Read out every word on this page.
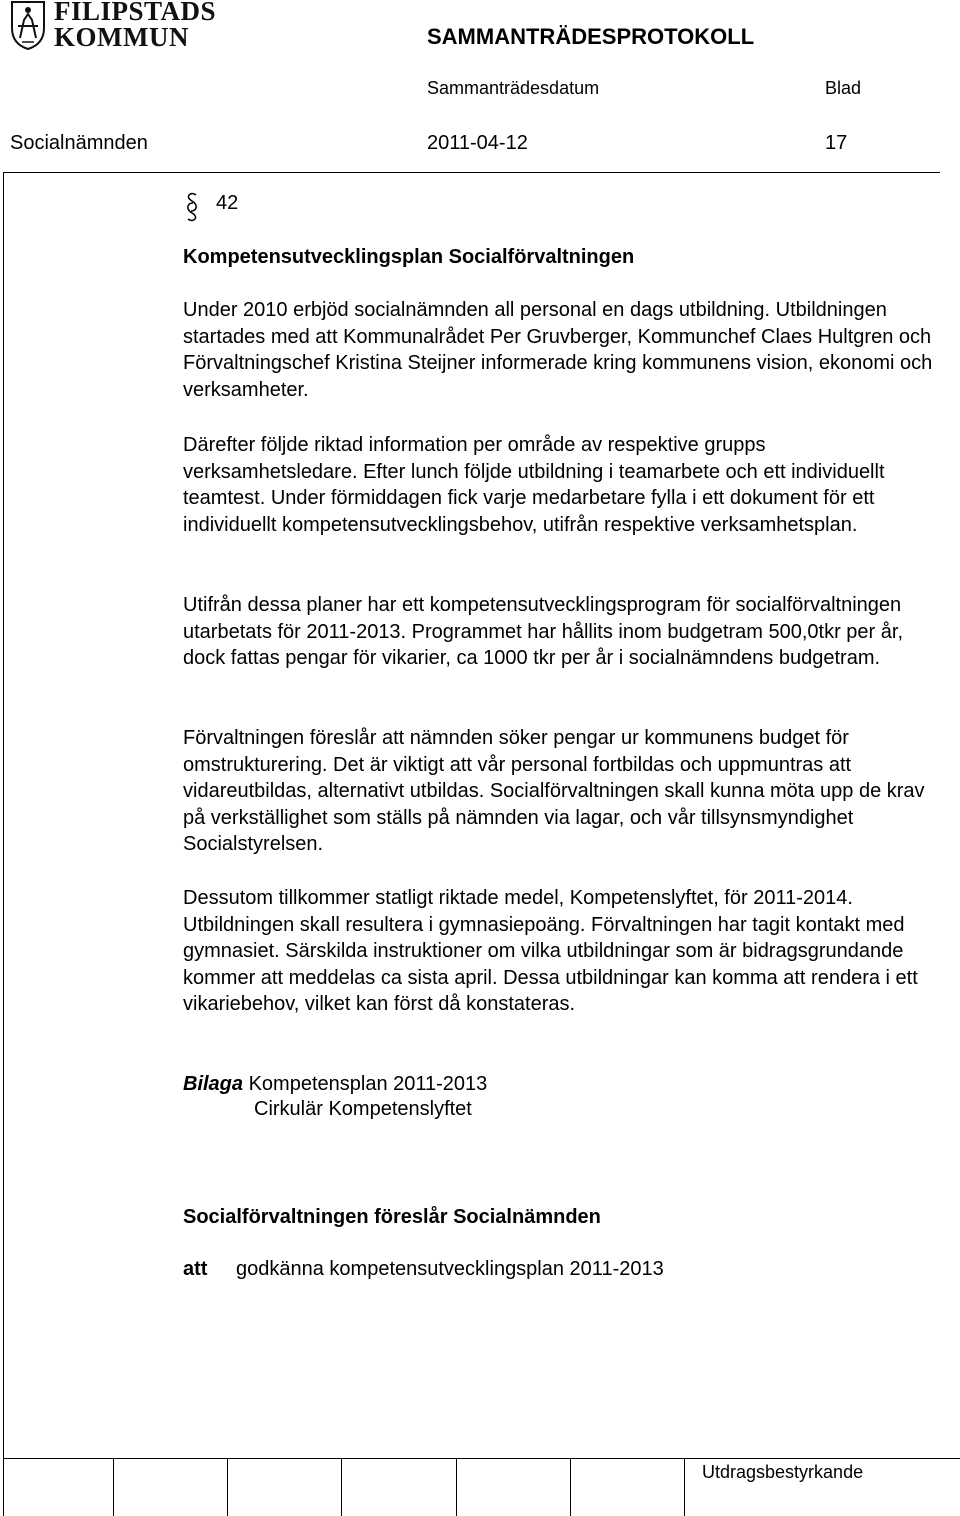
FILIPSTADS
KOMMUN	SAMMANTRÄDESPROTOKOLL
Sammanträdesdatum	Blad
Socialnämnden	2011-04-12	17
42
Kompetensutvecklingsplan Socialförvaltningen

Under 2010 erbjöd socialnämnden all personal en dags utbildning. Utbildningen startades med att Kommunalrådet Per Gruvberger, Kommunchef Claes Hultgren och Förvaltningschef Kristina Steijner informerade kring kommunens vision, ekonomi och verksamheter.

Därefter följde riktad information per område av respektive grupps verksamhetsledare. Efter lunch följde utbildning i teamarbete och ett individuellt teamtest. Under förmiddagen fick varje medarbetare fylla i ett dokument för ett individuellt kompetensutvecklingsbehov, utifrån respektive verksamhetsplan.

Utifrån dessa planer har ett kompetensutvecklingsprogram för socialförvaltningen utarbetats för 2011-2013. Programmet har hållits inom budgetram 500,0tkr per år, dock fattas pengar för vikarier, ca 1000 tkr per år i socialnämndens budgetram.

Förvaltningen föreslår att nämnden söker pengar ur kommunens budget för omstrukturering. Det är viktigt att vår personal fortbildas och uppmuntras att vidareutbildas, alternativt utbildas. Socialförvaltningen skall kunna möta upp de krav på verkställighet som ställs på nämnden via lagar, och vår tillsynsmyndighet Socialstyrelsen.

Dessutom tillkommer statligt riktade medel, Kompetenslyftet, för 2011-2014. Utbildningen skall resultera i gymnasiepoäng. Förvaltningen har tagit kontakt med gymnasiet. Särskilda instruktioner om vilka utbildningar som är bidragsgrundande kommer att meddelas ca sista april. Dessa utbildningar kan komma att rendera i ett vikariebehov, vilket kan först då konstateras.

Bilaga Kompetensplan 2011-2013
Cirkulär Kompetenslyftet
Socialförvaltningen föreslår Socialnämnden
att godkänna kompetensutvecklingsplan 2011-2013
Utdragsbestyrkande
